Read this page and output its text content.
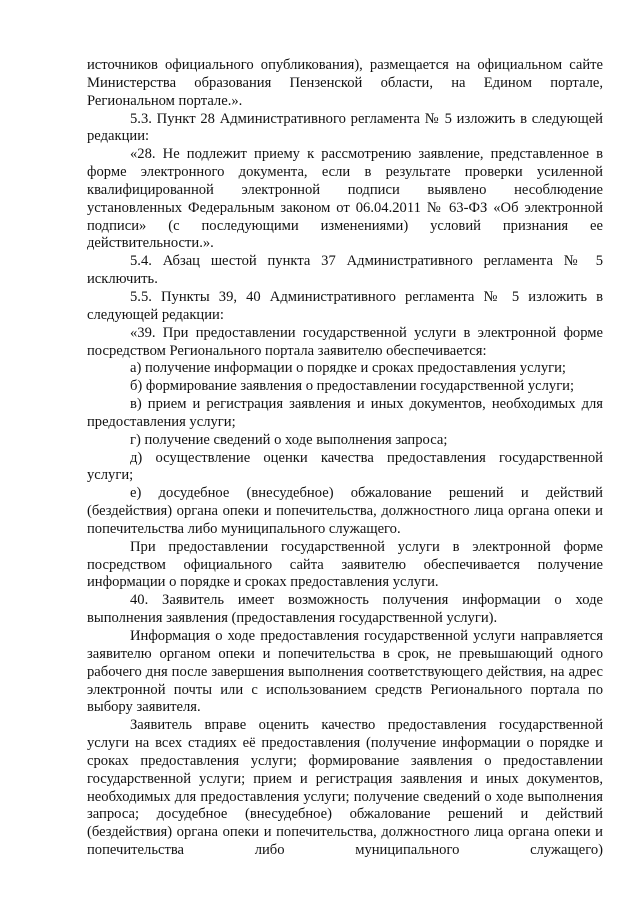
источников официального опубликования), размещается на официальном сайте Министерства образования Пензенской области, на Едином портале, Региональном портале.».

5.3. Пункт 28 Административного регламента № 5 изложить в следующей редакции:

«28. Не подлежит приему к рассмотрению заявление, представленное в форме электронного документа, если в результате проверки усиленной квалифицированной электронной подписи выявлено несоблюдение установленных Федеральным законом от 06.04.2011 № 63-ФЗ «Об электронной подписи» (с последующими изменениями) условий признания ее действительности.».

5.4. Абзац шестой пункта 37 Административного регламента № 5 исключить.

5.5. Пункты 39, 40 Административного регламента № 5 изложить в следующей редакции:

«39. При предоставлении государственной услуги в электронной форме посредством Регионального портала заявителю обеспечивается:

а) получение информации о порядке и сроках предоставления услуги;

б) формирование заявления о предоставлении государственной услуги;

в) прием и регистрация заявления и иных документов, необходимых для предоставления услуги;

г) получение сведений о ходе выполнения запроса;

д) осуществление оценки качества предоставления государственной услуги;

е) досудебное (внесудебное) обжалование решений и действий (бездействия) органа опеки и попечительства, должностного лица органа опеки и попечительства либо муниципального служащего.

При предоставлении государственной услуги в электронной форме посредством официального сайта заявителю обеспечивается получение информации о порядке и сроках предоставления услуги.

40. Заявитель имеет возможность получения информации о ходе выполнения заявления (предоставления государственной услуги).

Информация о ходе предоставления государственной услуги направляется заявителю органом опеки и попечительства в срок, не превышающий одного рабочего дня после завершения выполнения соответствующего действия, на адрес электронной почты или с использованием средств Регионального портала по выбору заявителя.

Заявитель вправе оценить качество предоставления государственной услуги на всех стадиях её предоставления (получение информации о порядке и сроках предоставления услуги; формирование заявления о предоставлении государственной услуги; прием и регистрация заявления и иных документов, необходимых для предоставления услуги; получение сведений о ходе выполнения запроса; досудебное (внесудебное) обжалование решений и действий (бездействия) органа опеки и попечительства, должностного лица органа опеки и попечительства либо муниципального служащего)
